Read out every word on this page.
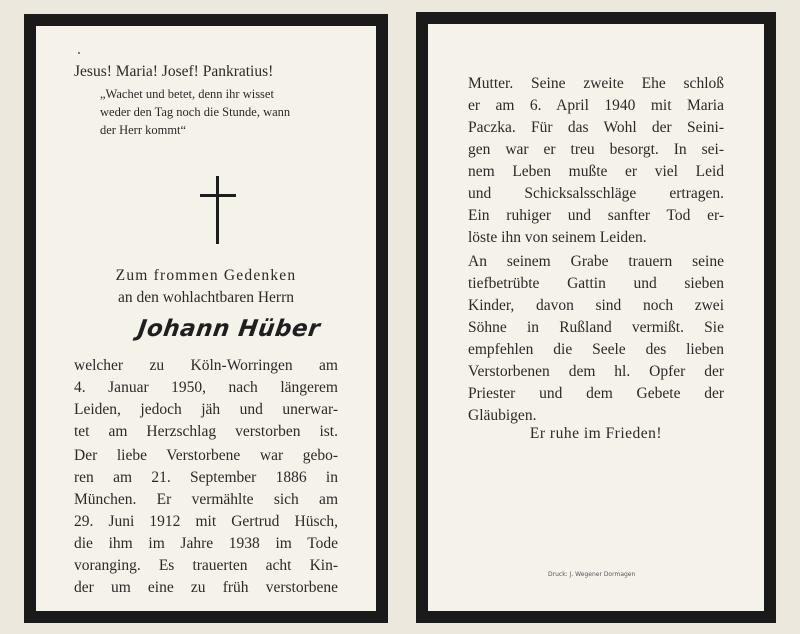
Jesus! Maria! Josef! Pankratius!
„Wachet und betet, denn ihr wisset
weder den Tag noch die Stunde, wann
der Herr kommt“
Zum frommen Gedenken
an den wohlachtbaren Herrn
Johann Hüber
welcher zu Köln-Worringen am
4. Januar 1950, nach längerem
Leiden, jedoch jäh und unerwar-
tet am Herzschlag verstorben ist.
Der liebe Verstorbene war gebo-
ren am 21. September 1886 in
München. Er vermählte sich am
29. Juni 1912 mit Gertrud Hüsch,
die ihm im Jahre 1938 im Tode
voranging. Es trauerten acht Kin-
der um eine zu früh verstorbene
Mutter. Seine zweite Ehe schloß
er am 6. April 1940 mit Maria
Paczka. Für das Wohl der Seini-
gen war er treu besorgt. In sei-
nem Leben mußte er viel Leid
und Schicksalsschläge ertragen.
Ein ruhiger und sanfter Tod er-
löste ihn von seinem Leiden.
An seinem Grabe trauern seine
tiefbetrübte Gattin und sieben
Kinder, davon sind noch zwei
Söhne in Rußland vermißt. Sie
empfehlen die Seele des lieben
Verstorbenen dem hl. Opfer der
Priester und dem Gebete der
Gläubigen.
Er ruhe im Frieden!
Druck: J. Wegener Dormagen
